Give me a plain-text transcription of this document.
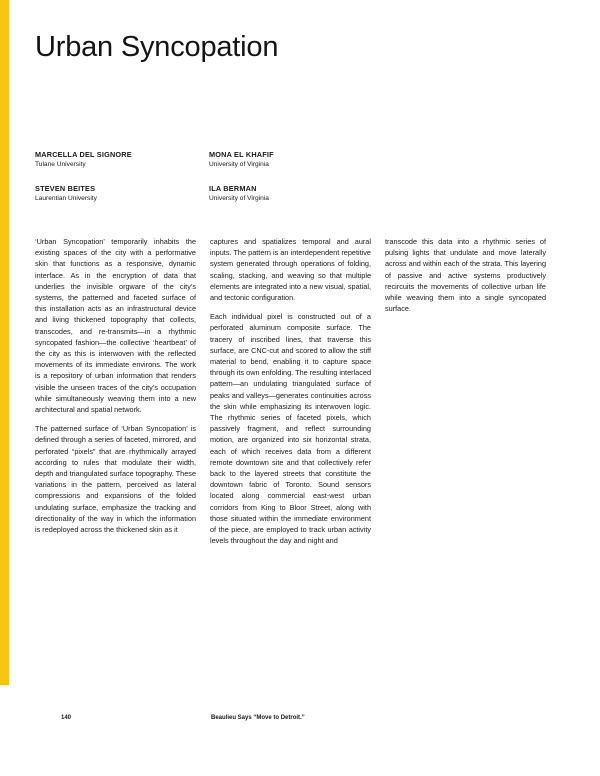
Urban Syncopation
MARCELLA DEL SIGNORE
Tulane University
MONA EL KHAFIF
University of Virginia
STEVEN BEITES
Laurentian University
ILA BERMAN
University of Virginia

‘Urban Syncopation’ temporarily inhabits the existing spaces of the city with a performative skin that functions as a responsive, dynamic interface. As in the encryption of data that underlies the invisible orgware of the city’s systems, the patterned and faceted surface of this installation acts as an infrastructural device and living thickened topography that collects, transcodes, and re-transmits—in a rhythmic syncopated fashion—the collective ‘heartbeat’ of the city as this is interwoven with the reflected movements of its immediate environs. The work is a repository of urban information that renders visible the unseen traces of the city’s occupation while simultaneously weaving them into a new architectural and spatial network.

The patterned surface of ‘Urban Syncopation’ is defined through a series of faceted, mirrored, and perforated “pixels” that are rhythmically arrayed according to rules that modulate their width, depth and triangulated surface topography. These variations in the pattern, perceived as lateral compressions and expansions of the folded undulating surface, emphasize the tracking and directionality of the way in which the information is redeployed across the thickened skin as it

captures and spatializes temporal and aural inputs. The pattern is an interdependent repetitive system generated through operations of folding, scaling, stacking, and weaving so that multiple elements are integrated into a new visual, spatial, and tectonic configuration.

Each individual pixel is constructed out of a perforated aluminum composite surface. The tracery of inscribed lines, that traverse this surface, are CNC-cut and scored to allow the stiff material to bend, enabling it to capture space through its own enfolding. The resulting interlaced pattern—an undulating triangulated surface of peaks and valleys—generates continuities across the skin while emphasizing its interwoven logic. The rhythmic series of faceted pixels, which passively fragment, and reflect surrounding motion, are organized into six horizontal strata, each of which receives data from a different remote downtown site and that collectively refer back to the layered streets that constitute the downtown fabric of Toronto. Sound sensors located along commercial east-west urban corridors from King to Bloor Street, along with those situated within the immediate environment of the piece, are employed to track urban activity levels throughout the day and night and

transcode this data into a rhythmic series of pulsing lights that undulate and move laterally across and within each of the strata. This layering of passive and active systems productively recircuits the movements of collective urban life while weaving them into a single syncopated surface.

140	Beaulieu Says “Move to Detroit.”
